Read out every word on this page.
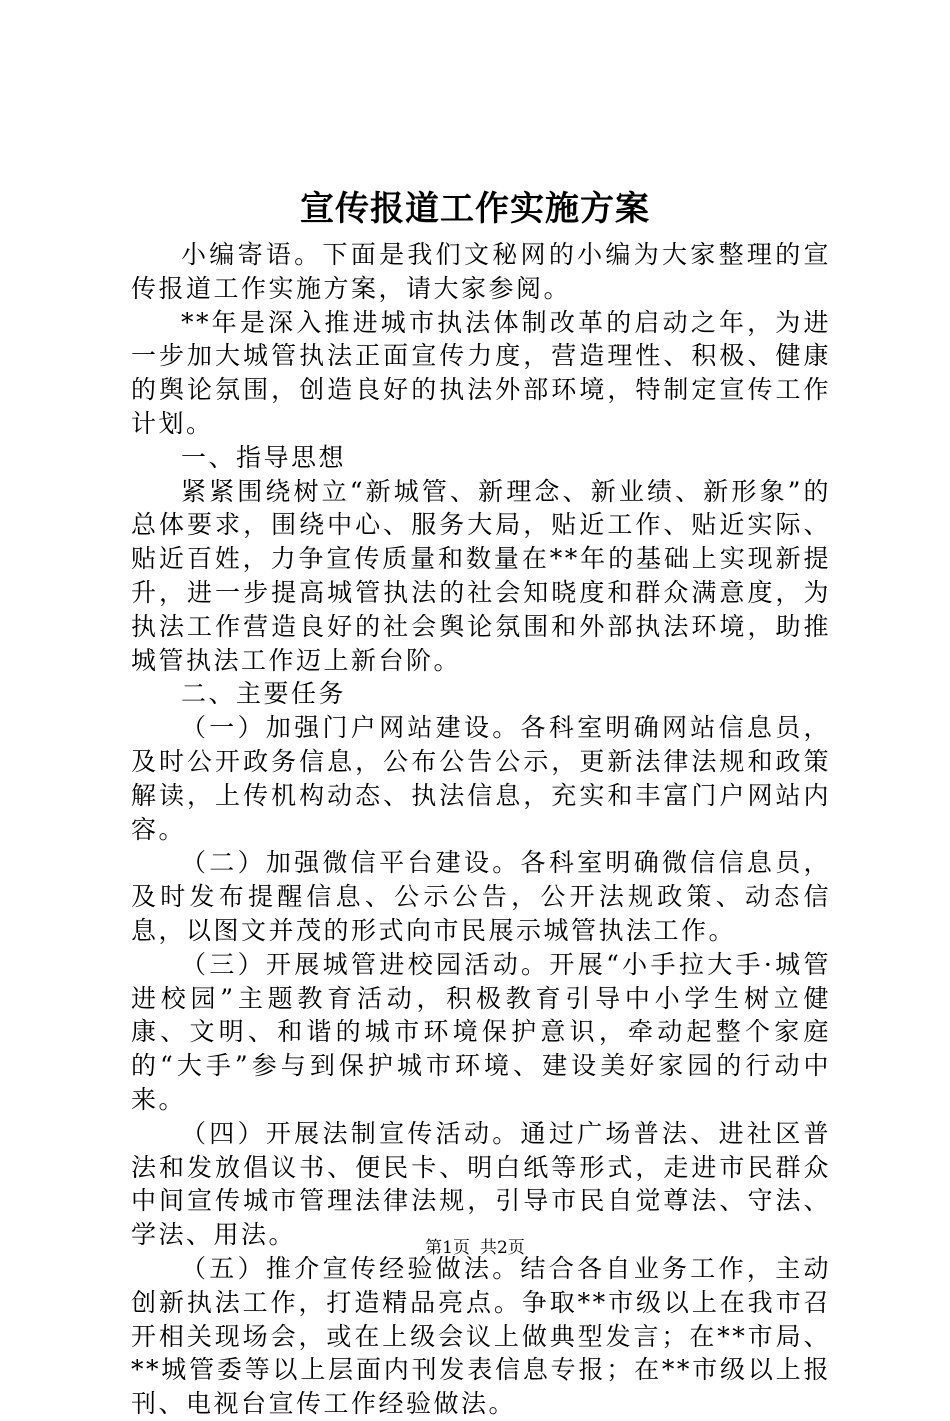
宣传报道工作实施方案

小编寄语。下面是我们文秘网的小编为大家整理的宣传报道工作实施方案，请大家参阅。

**年是深入推进城市执法体制改革的启动之年，为进一步加大城管执法正面宣传力度，营造理性、积极、健康的舆论氛围，创造良好的执法外部环境，特制定宣传工作计划。

一、指导思想

紧紧围绕树立“新城管、新理念、新业绩、新形象”的总体要求，围绕中心、服务大局，贴近工作、贴近实际、贴近百姓，力争宣传质量和数量在**年的基础上实现新提升，进一步提高城管执法的社会知晓度和群众满意度，为执法工作营造良好的社会舆论氛围和外部执法环境，助推城管执法工作迈上新台阶。

二、主要任务

（一）加强门户网站建设。各科室明确网站信息员，及时公开政务信息，公布公告公示，更新法律法规和政策解读，上传机构动态、执法信息，充实和丰富门户网站内容。

（二）加强微信平台建设。各科室明确微信信息员，及时发布提醒信息、公示公告，公开法规政策、动态信息，以图文并茂的形式向市民展示城管执法工作。

（三）开展城管进校园活动。开展“小手拉大手·城管进校园”主题教育活动，积极教育引导中小学生树立健康、文明、和谐的城市环境保护意识，牵动起整个家庭的“大手”参与到保护城市环境、建设美好家园的行动中来。

（四）开展法制宣传活动。通过广场普法、进社区普法和发放倡议书、便民卡、明白纸等形式，走进市民群众中间宣传城市管理法律法规，引导市民自觉尊法、守法、学法、用法。

（五）推介宣传经验做法。结合各自业务工作，主动创新执法工作，打造精品亮点。争取**市级以上在我市召开相关现场会，或在上级会议上做典型发言；在**市局、**城管委等以上层面内刊发表信息专报；在**市级以上报刊、电视台宣传工作经验做法。

第1页 共2页
